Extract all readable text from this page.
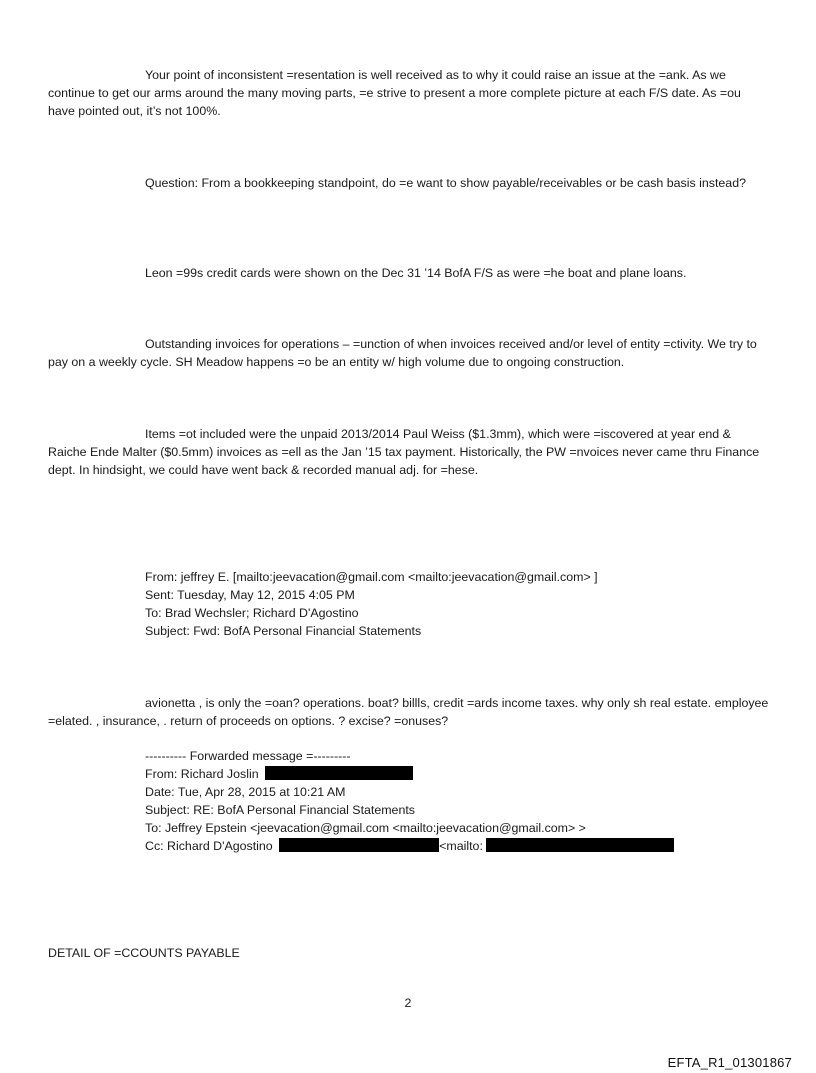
Your point of inconsistent =resentation is well received as to why it could raise an issue at the =ank. As we continue to get our arms around the many moving parts, =e strive to present a more complete picture at each F/S date. As =ou have pointed out, it’s not 100%.

Question: From a bookkeeping standpoint, do =e want to show payable/receivables or be cash basis instead?

Leon =99s credit cards were shown on the Dec 31 ’14 BofA F/S as were =he boat and plane loans.

Outstanding invoices for operations – =unction of when invoices received and/or level of entity =ctivity. We try to pay on a weekly cycle. SH Meadow happens =o be an entity w/ high volume due to ongoing construction.

Items =ot included were the unpaid 2013/2014 Paul Weiss ($1.3mm), which were =iscovered at year end & Raiche Ende Malter ($0.5mm) invoices as =ell as the Jan ’15 tax payment. Historically, the PW =nvoices never came thru Finance dept. In hindsight, we could have went back & recorded manual adj. for =hese.

From: jeffrey E. [mailto:jeevacation@gmail.com <mailto:jeevacation@gmail.com> ]
Sent: Tuesday, May 12, 2015 4:05 PM
To: Brad Wechsler; Richard D'Agostino
Subject: Fwd: BofA Personal Financial Statements

avionetta , is only the =oan? operations. boat? billls, credit =ards income taxes. why only sh real estate. employee =elated. , insurance, . return of proceeds on options. ? excise? =onuses?

---------- Forwarded message =---------
From: Richard Joslin
Date: Tue, Apr 28, 2015 at 10:21 AM
Subject: RE: BofA Personal Financial Statements
To: Jeffrey Epstein <jeevacation@gmail.com <mailto:jeevacation@gmail.com> >
Cc: Richard D'Agostino	<mailto:

DETAIL OF =CCOUNTS PAYABLE

2
EFTA_R1_01301867
